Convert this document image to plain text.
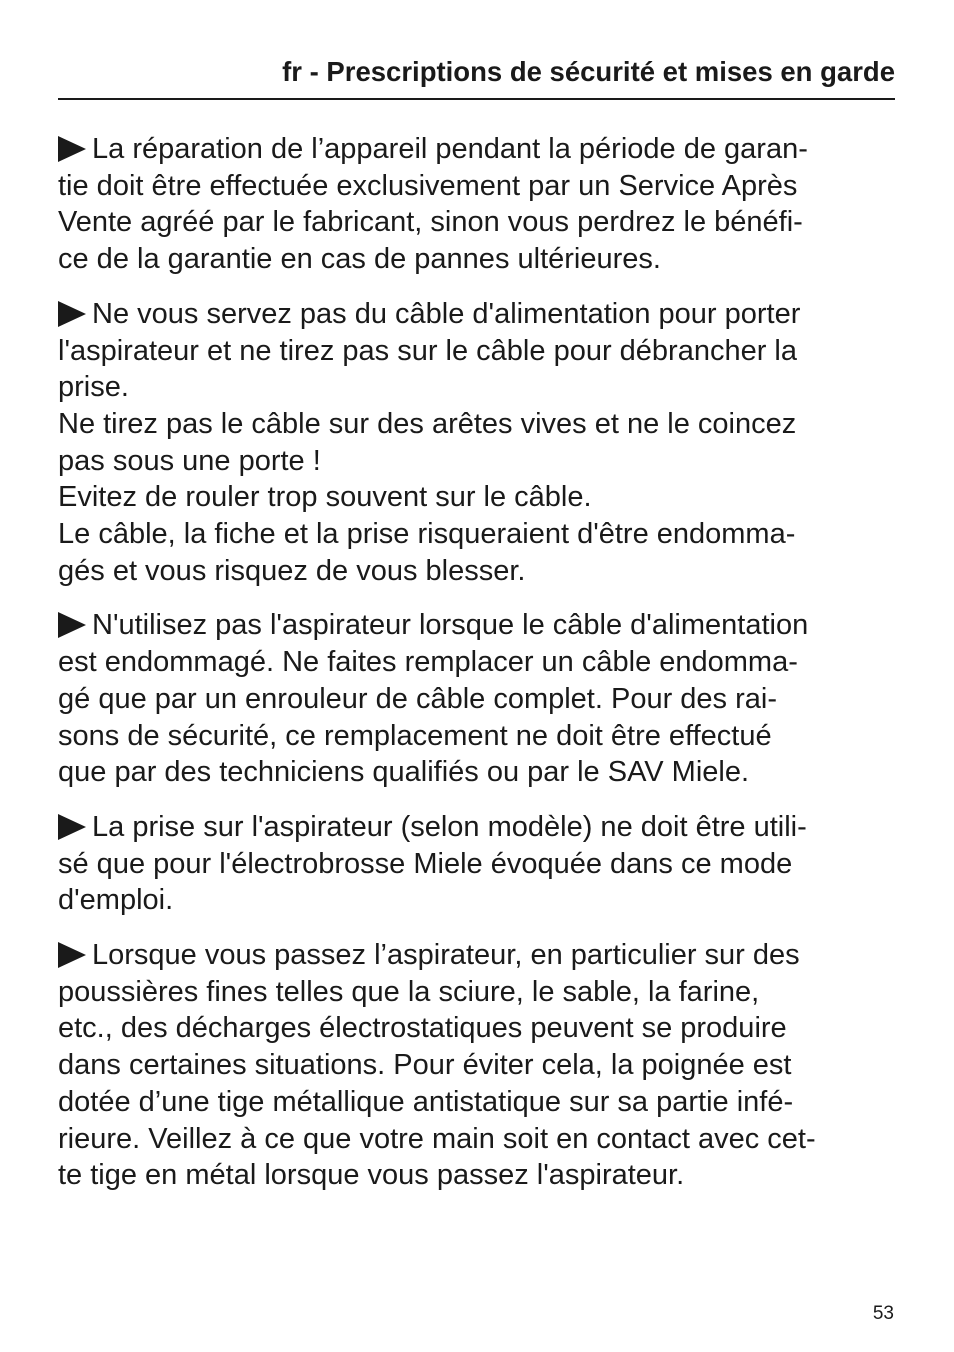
fr - Prescriptions de sécurité et mises en garde
La réparation de l’appareil pendant la période de garan-
tie doit être effectuée exclusivement par un Service Après
Vente agréé par le fabricant, sinon vous perdrez le bénéfi-
ce de la garantie en cas de pannes ultérieures.
Ne vous servez pas du câble d'alimentation pour porter
l'aspirateur et ne tirez pas sur le câble pour débrancher la
prise.
Ne tirez pas le câble sur des arêtes vives et ne le coincez
pas sous une porte !
Evitez de rouler trop souvent sur le câble.
Le câble, la fiche et la prise risqueraient d'être endomma-
gés et vous risquez de vous blesser.
N'utilisez pas l'aspirateur lorsque le câble d'alimentation
est endommagé. Ne faites remplacer un câble endomma-
gé que par un enrouleur de câble complet. Pour des rai-
sons de sécurité, ce remplacement ne doit être effectué
que par des techniciens qualifiés ou par le SAV Miele.
La prise sur l'aspirateur (selon modèle) ne doit être utili-
sé que pour l'électrobrosse Miele évoquée dans ce mode
d'emploi.
Lorsque vous passez l’aspirateur, en particulier sur des
poussières fines telles que la sciure, le sable, la farine,
etc., des décharges électrostatiques peuvent se produire
dans certaines situations. Pour éviter cela, la poignée est
dotée d’une tige métallique antistatique sur sa partie infé-
rieure. Veillez à ce que votre main soit en contact avec cet-
te tige en métal lorsque vous passez l'aspirateur.
53
